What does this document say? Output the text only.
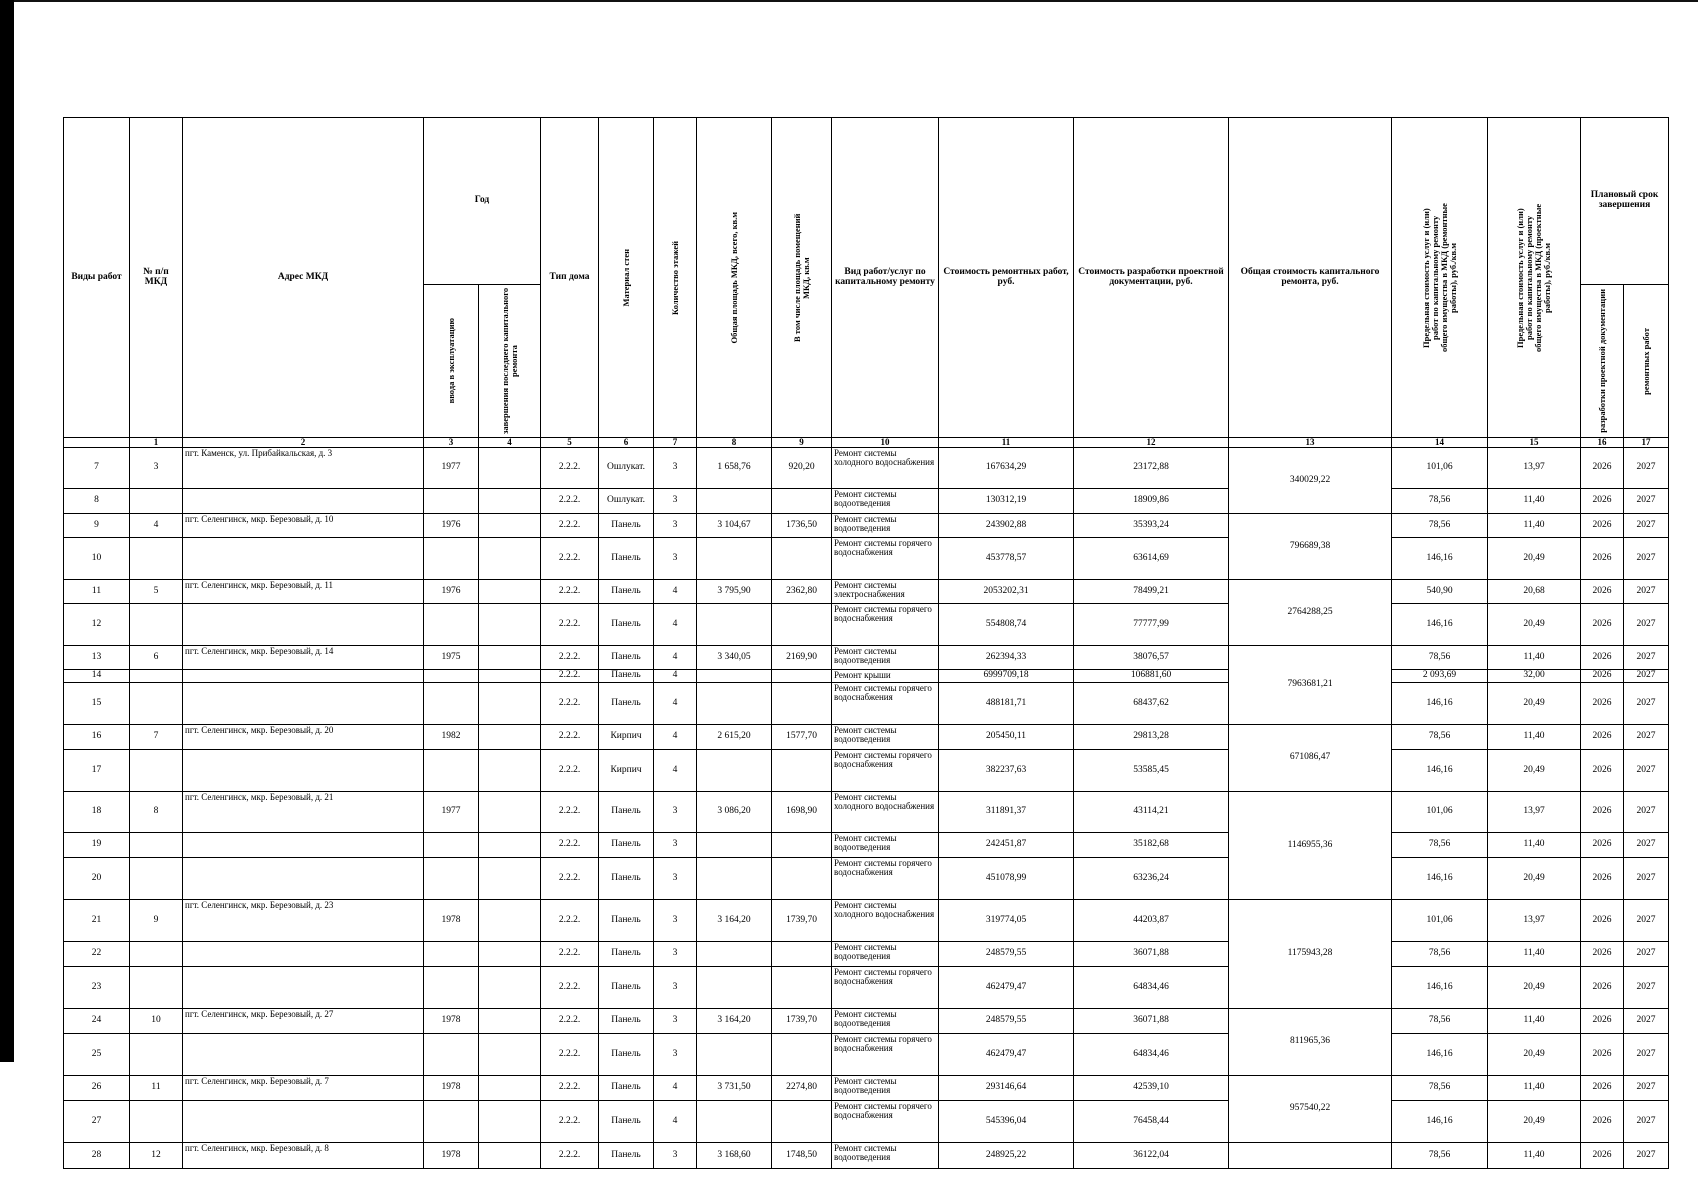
Виды работ	№ п/п МКД	Адрес МКД	Год		Тип дома	Материал стен	Количество этажей	Общая площадь МКД, всего, кв.м	В том числе площадь помещений МКД, кв.м	Вид работ/услуг по капитальному ремонту	Стоимость ремонтных работ, руб.	Стоимость разработки проектной документации, руб.	Общая стоимость капитального ремонта, руб.	Предельная стоимость услуг и (или) работ по капитальному ремонту общего имущества в МКД (ремонтные работы), руб./кв.м	Предельная стоимость услуг и (или) работ по капитальному ремонту общего имущества в МКД (проектные работы), руб./кв.м	Плановый срок завершения	

			ввода в эксплуатацию	завершения последнего капитального ремонта												разработки проектной документации	ремонтных работ

	1	2	3	4	5	6	7	8	9	10	11	12	13	14	15	16	17
7	3	пгт. Каменск, ул. Прибайкальская, д. 3	1977		2.2.2.	Ошлукат.	3	1 658,76	920,20	Ремонт системы холодного водоснабжения	167634,29	23172,88	340029,22	101,06	13,97	2026	2027
8					2.2.2.	Ошлукат.	3			Ремонт системы водоотведения	130312,19	18909,86		78,56	11,40	2026	2027
9	4	пгт. Селенгинск, мкр. Березовый, д. 10	1976		2.2.2.	Панель	3	3 104,67	1736,50	Ремонт системы водоотведения	243902,88	35393,24	796689,38	78,56	11,40	2026	2027
10					2.2.2.	Панель	3			Ремонт системы горячего водоснабжения	453778,57	63614,69		146,16	20,49	2026	2027
11	5	пгт. Селенгинск, мкр. Березовый, д. 11	1976		2.2.2.	Панель	4	3 795,90	2362,80	Ремонт системы электроснабжения	2053202,31	78499,21	2764288,25	540,90	20,68	2026	2027
12					2.2.2.	Панель	4			Ремонт системы горячего водоснабжения	554808,74	77777,99		146,16	20,49	2026	2027
13	6	пгт. Селенгинск, мкр. Березовый, д. 14	1975		2.2.2.	Панель	4	3 340,05	2169,90	Ремонт системы водоотведения	262394,33	38076,57	7963681,21	78,56	11,40	2026	2027
14					2.2.2.	Панель	4			Ремонт крыши	6999709,18	106881,60		2 093,69	32,00	2026	2027
15					2.2.2.	Панель	4			Ремонт системы горячего водоснабжения	488181,71	68437,62		146,16	20,49	2026	2027
16	7	пгт. Селенгинск, мкр. Березовый, д. 20	1982		2.2.2.	Кирпич	4	2 615,20	1577,70	Ремонт системы водоотведения	205450,11	29813,28	671086,47	78,56	11,40	2026	2027
17					2.2.2.	Кирпич	4			Ремонт системы горячего водоснабжения	382237,63	53585,45		146,16	20,49	2026	2027
18	8	пгт. Селенгинск, мкр. Березовый, д. 21	1977		2.2.2.	Панель	3	3 086,20	1698,90	Ремонт системы холодного водоснабжения	311891,37	43114,21	1146955,36	101,06	13,97	2026	2027
19					2.2.2.	Панель	3			Ремонт системы водоотведения	242451,87	35182,68		78,56	11,40	2026	2027
20					2.2.2.	Панель	3			Ремонт системы горячего водоснабжения	451078,99	63236,24		146,16	20,49	2026	2027
21	9	пгт. Селенгинск, мкр. Березовый, д. 23	1978		2.2.2.	Панель	3	3 164,20	1739,70	Ремонт системы холодного водоснабжения	319774,05	44203,87	1175943,28	101,06	13,97	2026	2027
22					2.2.2.	Панель	3			Ремонт системы водоотведения	248579,55	36071,88		78,56	11,40	2026	2027
23					2.2.2.	Панель	3			Ремонт системы горячего водоснабжения	462479,47	64834,46		146,16	20,49	2026	2027
24	10	пгт. Селенгинск, мкр. Березовый, д. 27	1978		2.2.2.	Панель	3	3 164,20	1739,70	Ремонт системы водоотведения	248579,55	36071,88	811965,36	78,56	11,40	2026	2027
25					2.2.2.	Панель	3			Ремонт системы горячего водоснабжения	462479,47	64834,46		146,16	20,49	2026	2027
26	11	пгт. Селенгинск, мкр. Березовый, д. 7	1978		2.2.2.	Панель	4	3 731,50	2274,80	Ремонт системы водоотведения	293146,64	42539,10	957540,22	78,56	11,40	2026	2027
27					2.2.2.	Панель	4			Ремонт системы горячего водоснабжения	545396,04	76458,44		146,16	20,49	2026	2027
28	12	пгт. Селенгинск, мкр. Березовый, д. 8	1978		2.2.2.	Панель	3	3 168,60	1748,50	Ремонт системы водоотведения	248925,22	36122,04		78,56	11,40	2026	2027
